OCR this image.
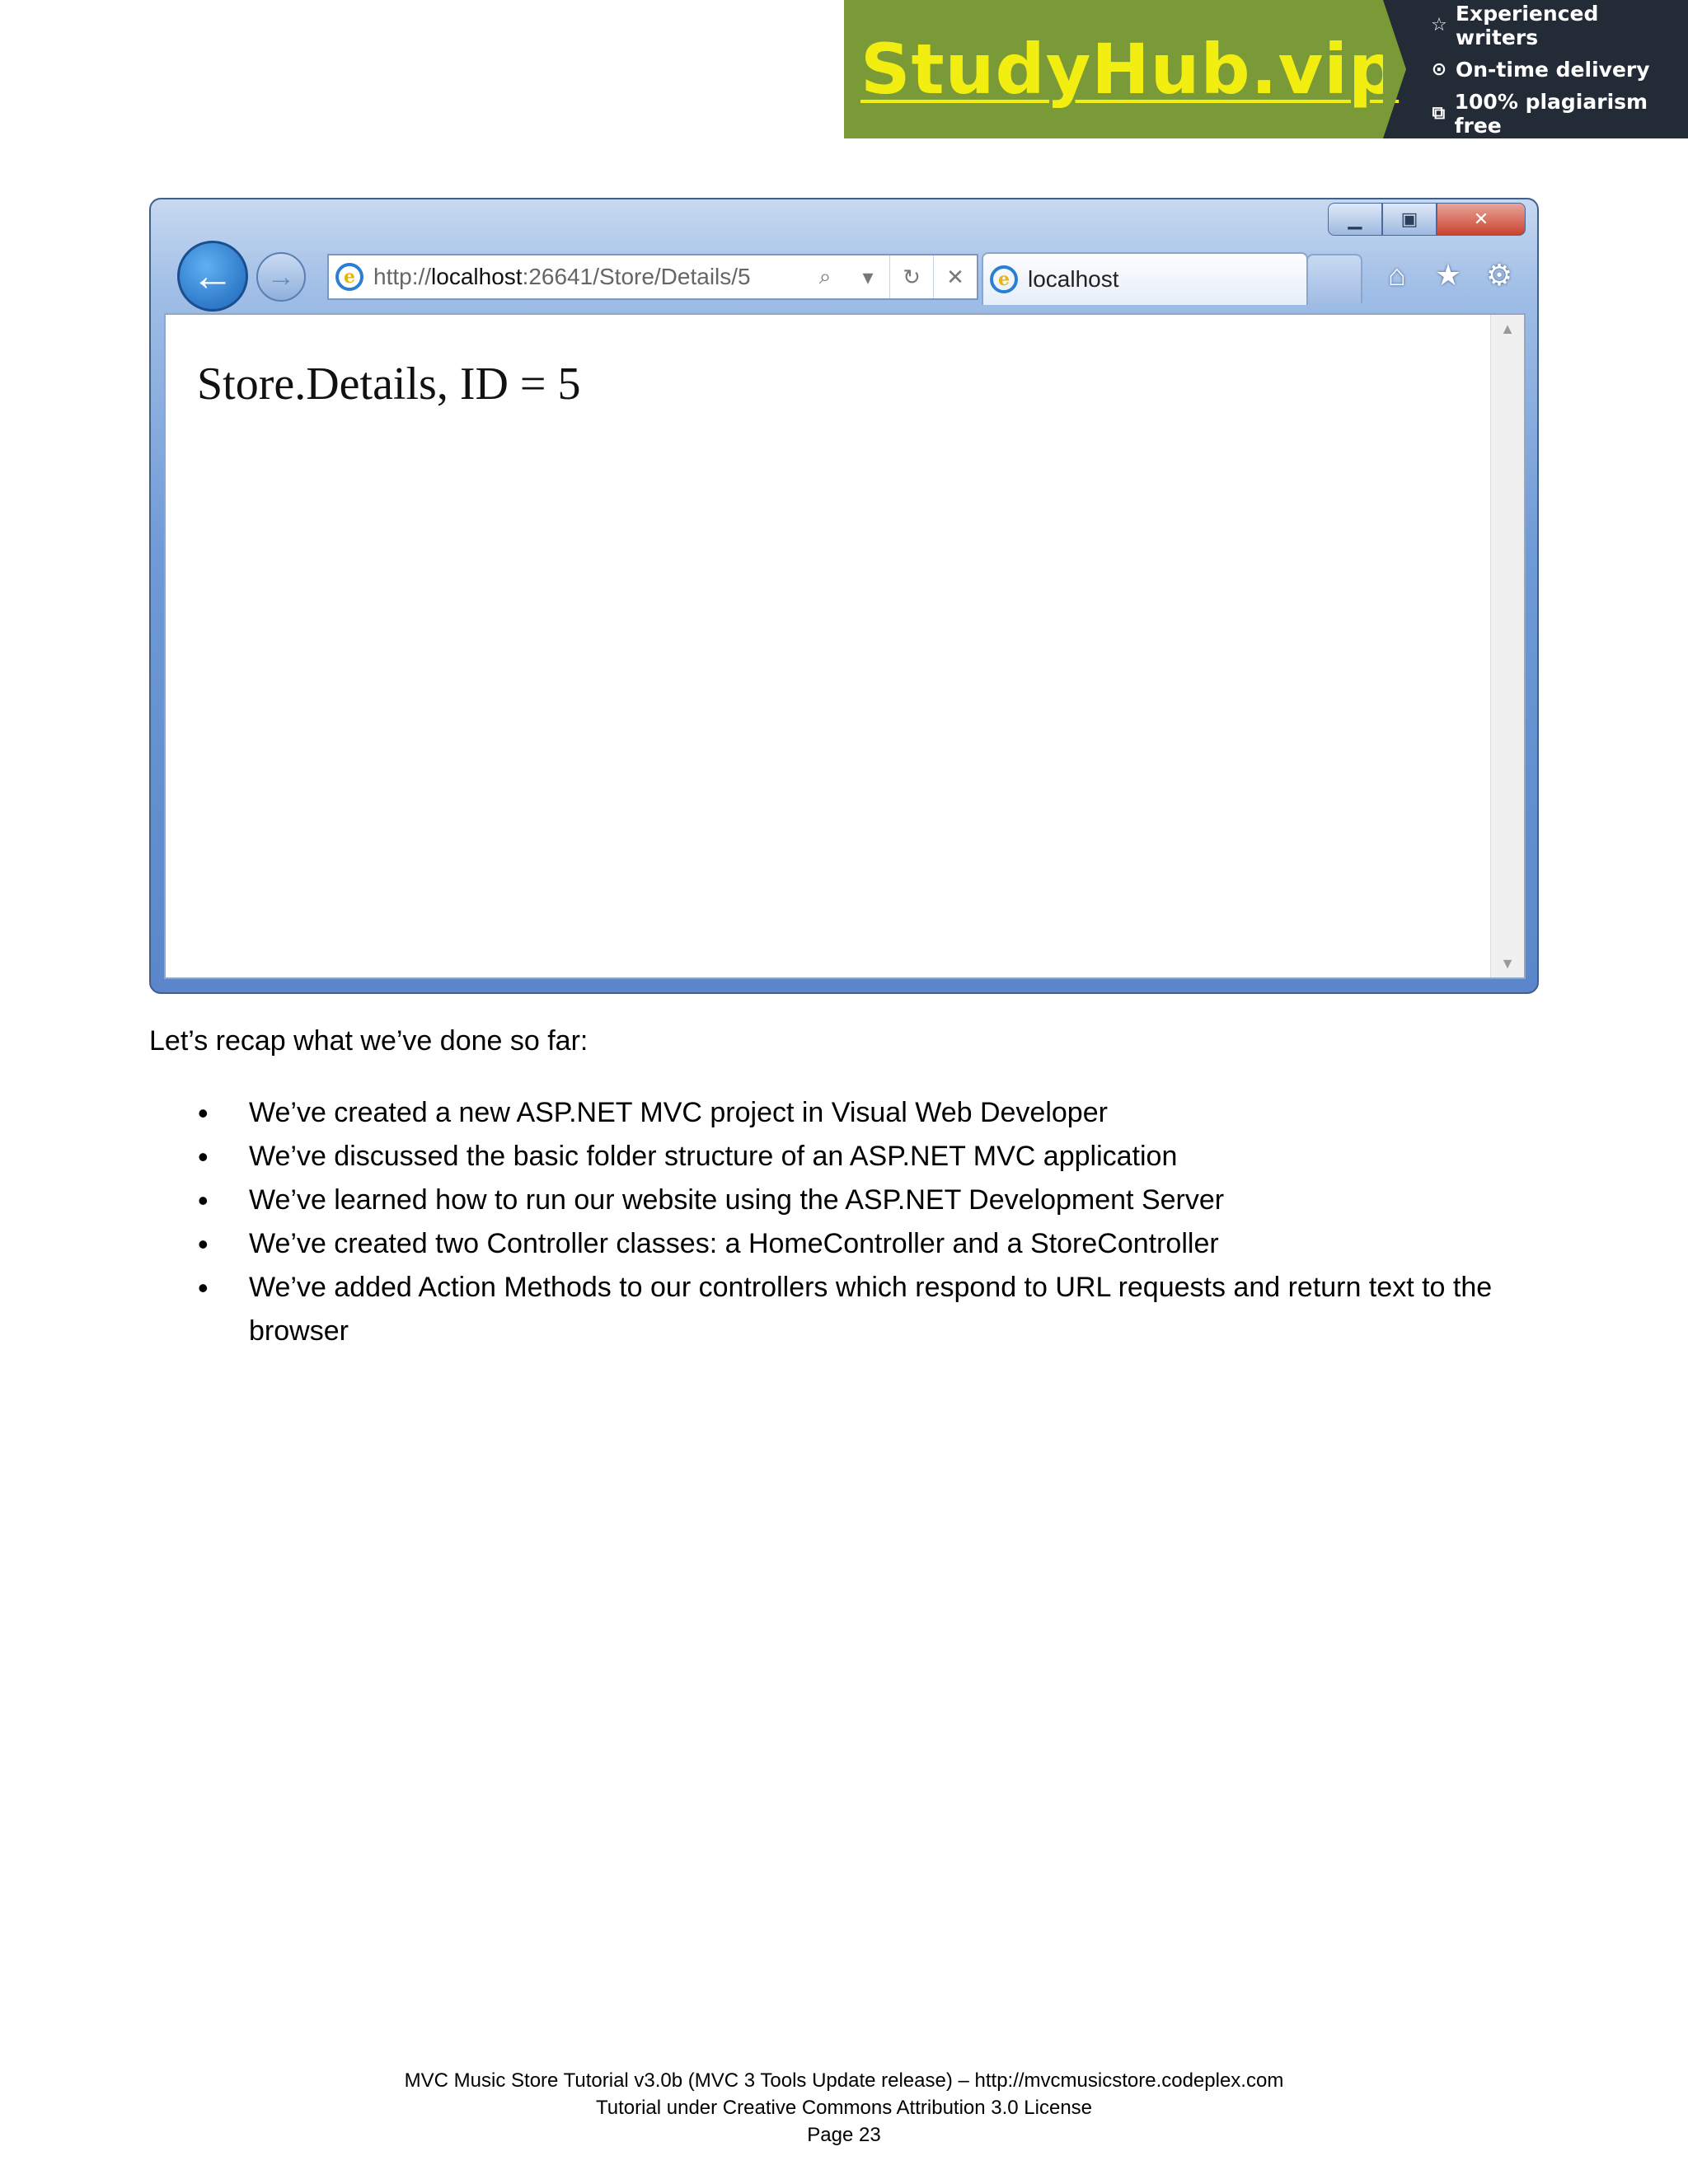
StudyHub.vip
☆ Experienced writers
⊙ On-time delivery
⧉ 100% plagiarism free
▁	▣	✕
←	→	e http://localhost:26641/Store/Details/5	⌕	▾	↻	✕	e localhost	⌂ ★ ⚙
Store.Details, ID = 5
▲
▼
Let’s recap what we’ve done so far:
• We’ve created a new ASP.NET MVC project in Visual Web Developer
• We’ve discussed the basic folder structure of an ASP.NET MVC application
• We’ve learned how to run our website using the ASP.NET Development Server
• We’ve created two Controller classes: a HomeController and a StoreController
• We’ve added Action Methods to our controllers which respond to URL requests and return text to the browser
MVC Music Store Tutorial v3.0b (MVC 3 Tools Update release) – http://mvcmusicstore.codeplex.com
Tutorial under Creative Commons Attribution 3.0 License
Page 23
